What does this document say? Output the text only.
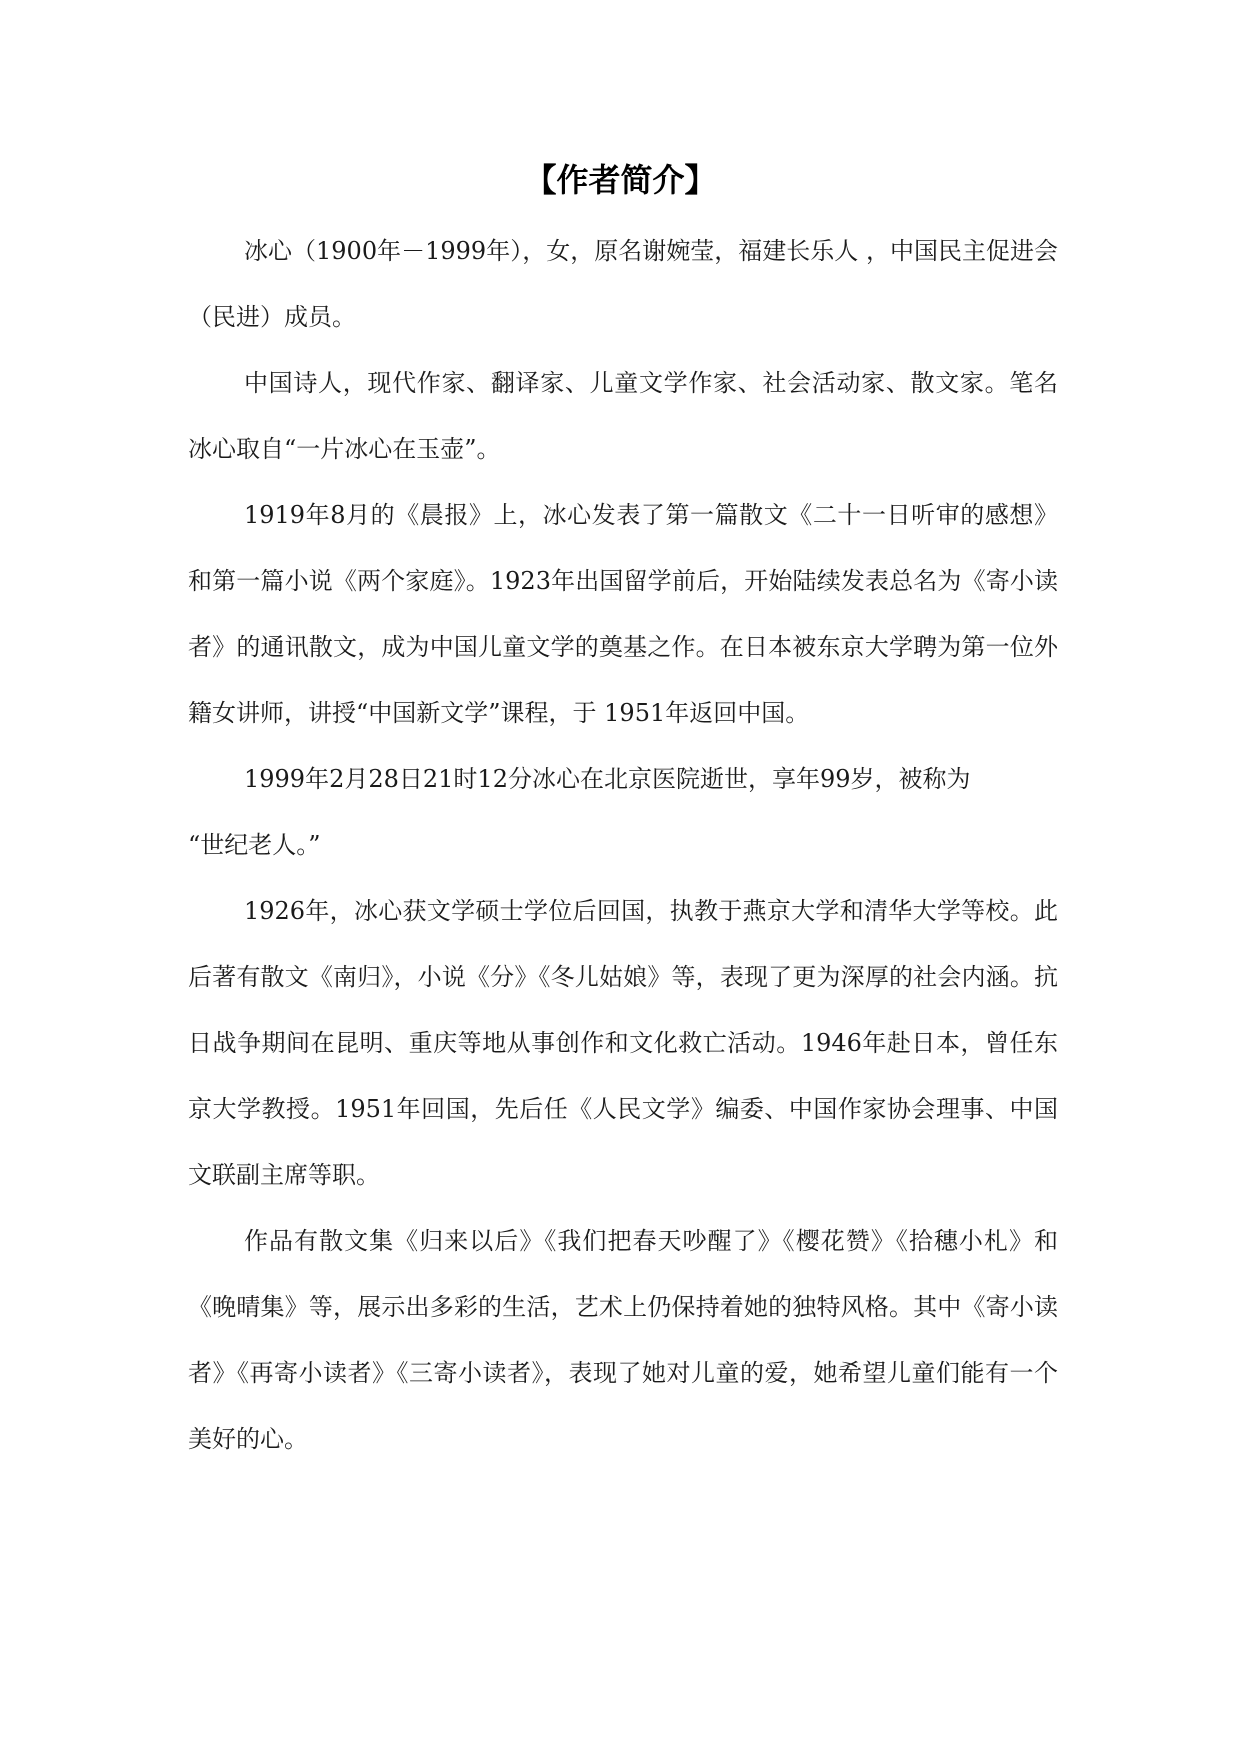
【作者简介】

冰心（1900年－1999年），女，原名谢婉莹，福建长乐人 ，中国民主促进会（民进）成员。

中国诗人，现代作家、翻译家、儿童文学作家、社会活动家、散文家。笔名冰心取自“一片冰心在玉壶”。

1919年8月的《晨报》上，冰心发表了第一篇散文《二十一日听审的感想》和第一篇小说《两个家庭》。1923年出国留学前后，开始陆续发表总名为《寄小读者》的通讯散文，成为中国儿童文学的奠基之作。在日本被东京大学聘为第一位外籍女讲师，讲授“中国新文学”课程，于 1951年返回中国。

1999年2月28日21时12分冰心在北京医院逝世，享年99岁，被称为

“世纪老人。”

1926年，冰心获文学硕士学位后回国，执教于燕京大学和清华大学等校。此后著有散文《南归》，小说《分》《冬儿姑娘》等，表现了更为深厚的社会内涵。抗日战争期间在昆明、重庆等地从事创作和文化救亡活动。1946年赴日本，曾任东京大学教授。1951年回国，先后任《人民文学》编委、中国作家协会理事、中国文联副主席等职。

作品有散文集《归来以后》《我们把春天吵醒了》《樱花赞》《拾穗小札》和《晚晴集》等，展示出多彩的生活，艺术上仍保持着她的独特风格。其中《寄小读者》《再寄小读者》《三寄小读者》，表现了她对儿童的爱，她希望儿童们能有一个美好的心。
